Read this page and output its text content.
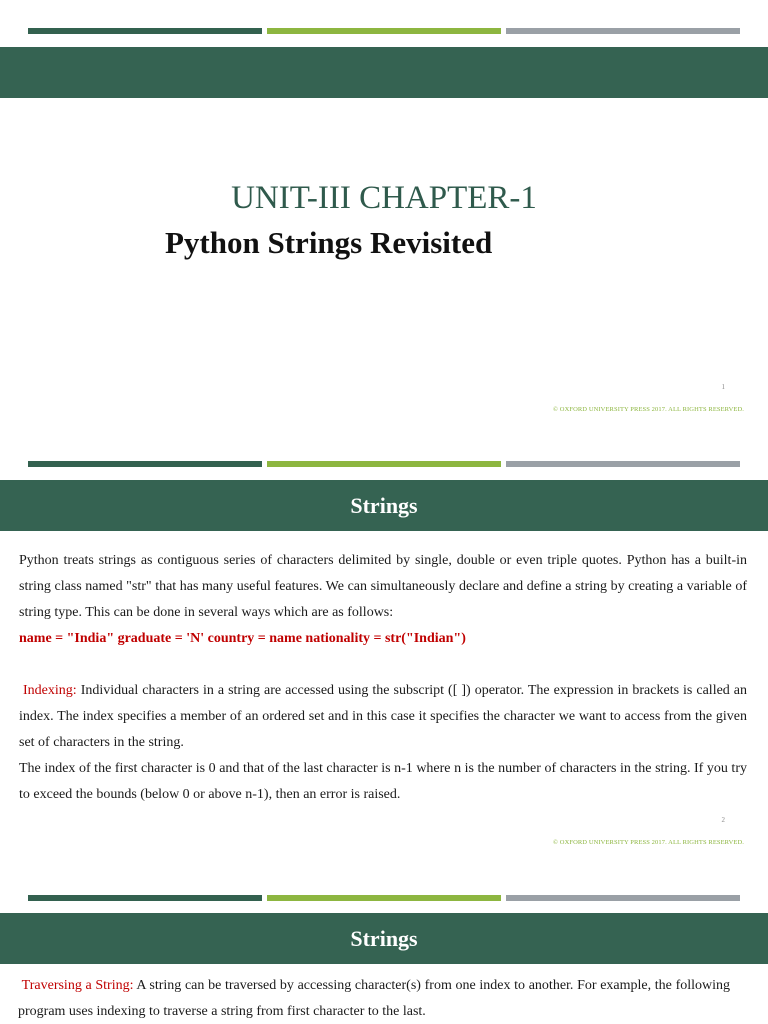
UNIT-III CHAPTER-1
Python Strings Revisited
1
© OXFORD UNIVERSITY PRESS 2017. ALL RIGHTS RESERVED.
Strings

Python treats strings as contiguous series of characters delimited by single, double or even triple quotes. Python has a built-in string class named "str" that has many useful features. We can simultaneously declare and define a string by creating a variable of string type. This can be done in several ways which are as follows:

name = "India" graduate = 'N' country = name nationality = str("Indian")

Indexing: Individual characters in a string are accessed using the subscript ([ ]) operator. The expression in brackets is called an index. The index specifies a member of an ordered set and in this case it specifies the character we want to access from the given set of characters in the string.

The index of the first character is 0 and that of the last character is n-1 where n is the number of characters in the string. If you try to exceed the bounds (below 0 or above n-1), then an error is raised.

2
© OXFORD UNIVERSITY PRESS 2017. ALL RIGHTS RESERVED.
Strings

Traversing a String: A string can be traversed by accessing character(s) from one index to another. For example, the following program uses indexing to traverse a string from first character to the last.
